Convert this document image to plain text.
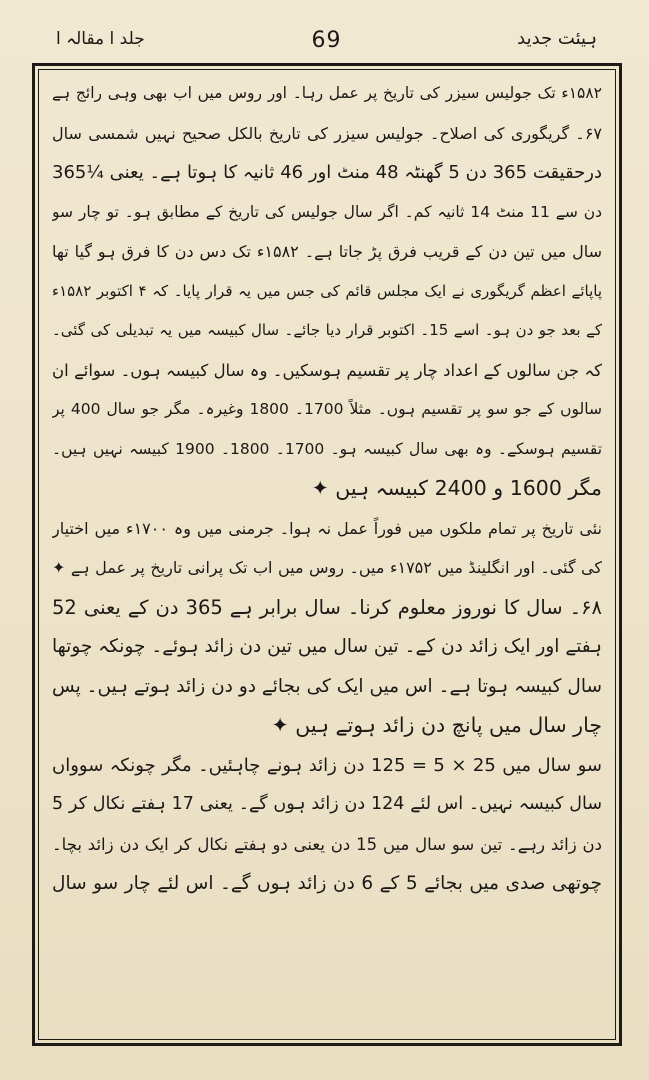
جلد ا مقالہ ا	69	ہیئت جدید
۱۵۸۲ء تک جولیس سیزر کی تاریخ پر عمل رہا۔ اور روس میں اب بھی وہی رائج ہے
۶۷۔ گریگوری کی اصلاح۔ جولیس سیزر کی تاریخ بالکل صحیح نہیں شمسی سال
درحقیقت 365 دن 5 گھنٹہ 48 منٹ اور 46 ثانیہ کا ہوتا ہے۔ یعنی ¼365
دن سے 11 منٹ 14 ثانیہ کم۔ اگر سال جولیس کی تاریخ کے مطابق ہو۔ تو چار سو
سال میں تین دن کے قریب فرق پڑ جاتا ہے۔ ۱۵۸۲ء تک دس دن کا فرق ہو گیا تھا
پاپائے اعظم گریگوری نے ایک مجلس قائم کی جس میں یہ قرار پایا۔ کہ ۴ اکتوبر ۱۵۸۲ء
کے بعد جو دن ہو۔ اسے 15۔ اکتوبر قرار دیا جائے۔ سال کبیسہ میں یہ تبدیلی کی گئی۔
کہ جن سالوں کے اعداد چار پر تقسیم ہوسکیں۔ وہ سال کبیسہ ہوں۔ سوائے ان
سالوں کے جو سو پر تقسیم ہوں۔ مثلاً 1700۔ 1800 وغیرہ۔ مگر جو سال 400 پر
تقسیم ہوسکے۔ وہ بھی سال کبیسہ ہو۔ 1700۔ 1800۔ 1900 کبیسہ نہیں ہیں۔
مگر 1600 و 2400 کبیسہ ہیں ✦
نئی تاریخ پر تمام ملکوں میں فوراً عمل نہ ہوا۔ جرمنی میں وہ ۱۷۰۰ء میں اختیار
کی گئی۔ اور انگلینڈ میں ۱۷۵۲ء میں۔ روس میں اب تک پرانی تاریخ پر عمل ہے ✦
۶۸۔ سال کا نوروز معلوم کرنا۔ سال برابر ہے 365 دن کے یعنی 52
ہفتے اور ایک زائد دن کے۔ تین سال میں تین دن زائد ہوئے۔ چونکہ چوتھا
سال کبیسہ ہوتا ہے۔ اس میں ایک کی بجائے دو دن زائد ہوتے ہیں۔ پس
چار سال میں پانچ دن زائد ہوتے ہیں ✦
سو سال میں 25 × 5 = 125 دن زائد ہونے چاہئیں۔ مگر چونکہ سوواں
سال کبیسہ نہیں۔ اس لئے 124 دن زائد ہوں گے۔ یعنی 17 ہفتے نکال کر 5
دن زائد رہے۔ تین سو سال میں 15 دن یعنی دو ہفتے نکال کر ایک دن زائد بچا۔
چوتھی صدی میں بجائے 5 کے 6 دن زائد ہوں گے۔ اس لئے چار سو سال
